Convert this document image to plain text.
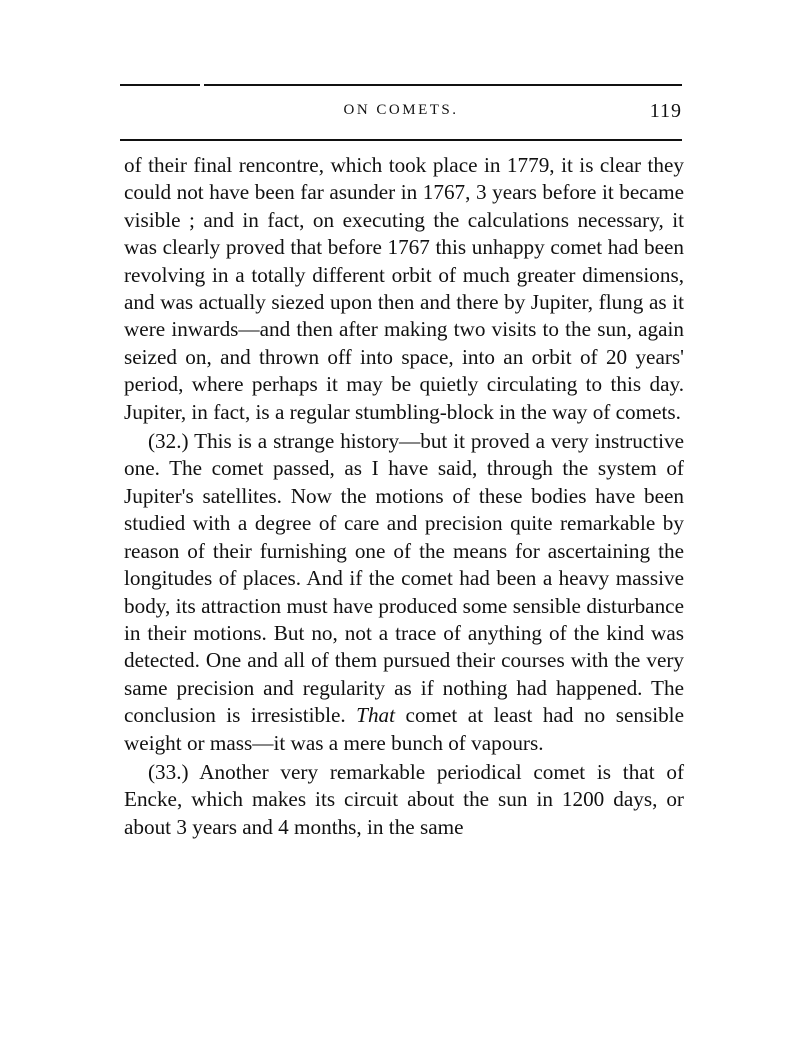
ON COMETS.	119

of their final rencontre, which took place in 1779, it is clear they could not have been far asunder in 1767, 3 years before it became visible ; and in fact, on executing the calculations necessary, it was clearly proved that before 1767 this unhappy comet had been revolving in a totally different orbit of much greater dimensions, and was actually siezed upon then and there by Jupiter, flung as it were inwards—and then after making two visits to the sun, again seized on, and thrown off into space, into an orbit of 20 years' period, where perhaps it may be quietly circulating to this day. Jupiter, in fact, is a regular stumbling-block in the way of comets.

(32.) This is a strange history—but it proved a very instructive one. The comet passed, as I have said, through the system of Jupiter's satellites. Now the motions of these bodies have been studied with a degree of care and precision quite remarkable by reason of their furnishing one of the means for ascertaining the longitudes of places. And if the comet had been a heavy massive body, its attraction must have produced some sensible disturbance in their motions. But no, not a trace of anything of the kind was detected. One and all of them pursued their courses with the very same precision and regularity as if nothing had happened. The conclusion is irresistible. That comet at least had no sensible weight or mass—it was a mere bunch of vapours.

(33.) Another very remarkable periodical comet is that of Encke, which makes its circuit about the sun in 1200 days, or about 3 years and 4 months, in the same
